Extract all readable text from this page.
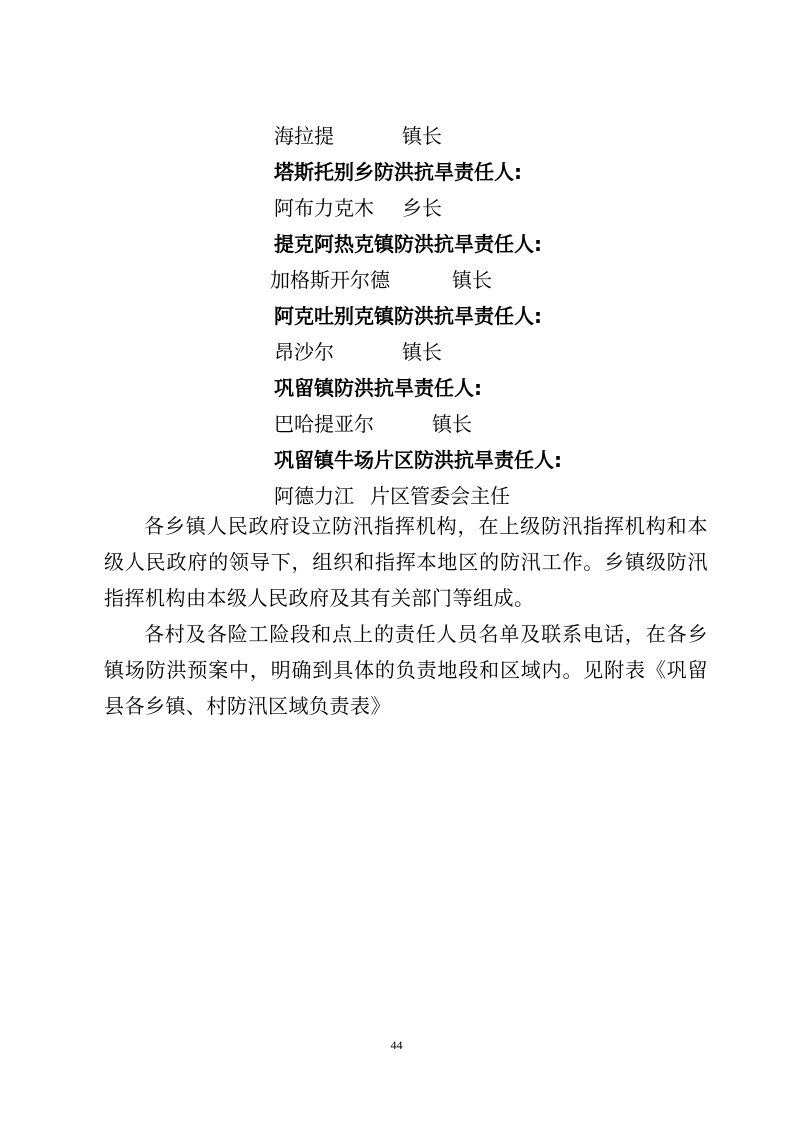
海拉提	镇长
塔斯托别乡防洪抗旱责任人:
阿布力克木 乡长
提克阿热克镇防洪抗旱责任人:
加格斯开尔德	镇长
阿克吐别克镇防洪抗旱责任人:
昂沙尔	镇长
巩留镇防洪抗旱责任人:
巴哈提亚尔	镇长
巩留镇牛场片区防洪抗旱责任人:
阿德力江 片区管委会主任

各乡镇人民政府设立防汛指挥机构，在上级防汛指挥机构和本级人民政府的领导下，组织和指挥本地区的防汛工作。乡镇级防汛指挥机构由本级人民政府及其有关部门等组成。

各村及各险工险段和点上的责任人员名单及联系电话，在各乡镇场防洪预案中，明确到具体的负责地段和区域内。见附表《巩留县各乡镇、村防汛区域负责表》

44
